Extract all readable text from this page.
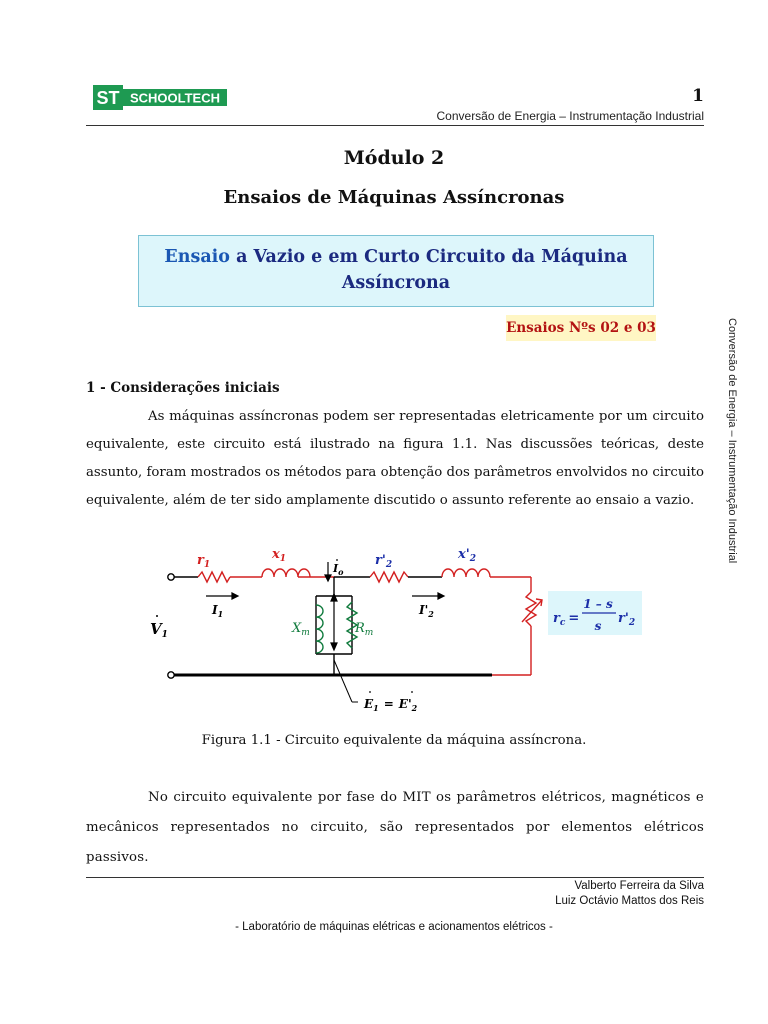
ST SCHOOLTECH	1
Conversão de Energia – Instrumentação Industrial
Conversão de Energia – Instrumentação Industrial
Módulo 2
Ensaios de Máquinas Assíncronas
Ensaio a Vazio e em Curto Circuito da Máquina
Assíncrona
Ensaios Nºs 02 e 03
1 - Considerações iniciais
As máquinas assíncronas podem ser representadas eletricamente por um circuito equivalente, este circuito está ilustrado na figura 1.1. Nas discussões teóricas, deste assunto, foram mostrados os métodos para obtenção dos parâmetros envolvidos no circuito equivalente, além de ter sido amplamente discutido o assunto referente ao ensaio a vazio.
$r_1$
$x_1$	$r'_2$
$x'_2$
$I_o$
$I_1$	$I'_2$
$V_1$	$X_m$	$R_m$
$E_1 = E'_2$
$r_c$ =
1 – s
s $r'_2$
Figura 1.1 - Circuito equivalente da máquina assíncrona.
No circuito equivalente por fase do MIT os parâmetros elétricos, magnéticos e mecânicos representados no circuito, são representados por elementos elétricos passivos.
Valberto Ferreira da Silva
Luiz Octávio Mattos dos Reis
- Laboratório de máquinas elétricas e acionamentos elétricos -
